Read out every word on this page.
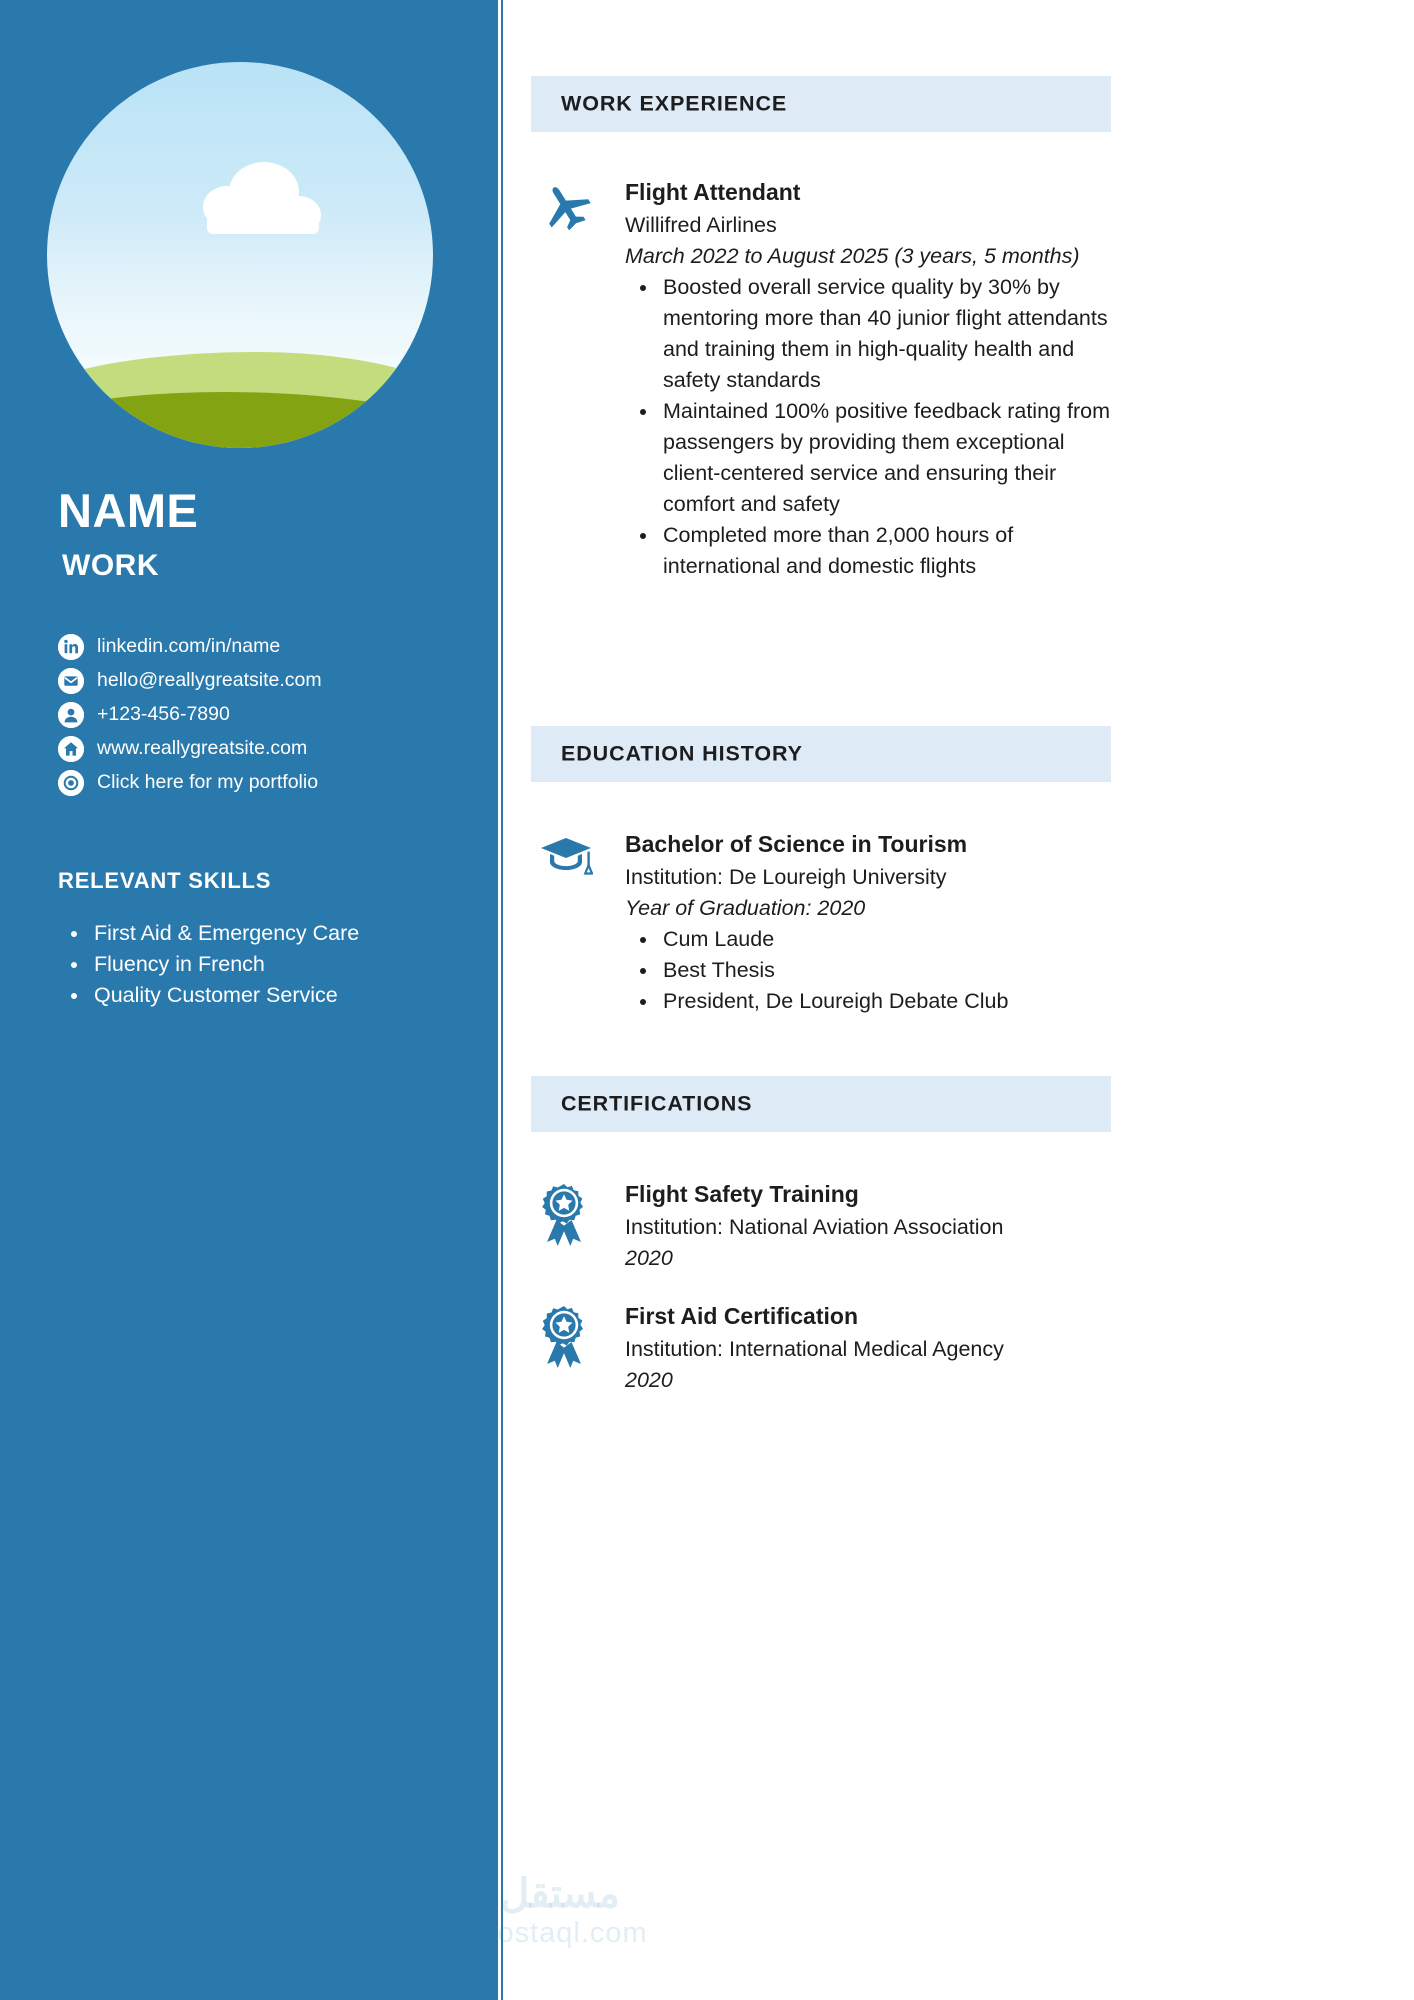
NAME
WORK
linkedin.com/in/name
hello@reallygreatsite.com
+123-456-7890
www.reallygreatsite.com
Click here for my portfolio
RELEVANT SKILLS
• First Aid & Emergency Care
• Fluency in French
• Quality Customer Service
WORK EXPERIENCE
Flight Attendant
Willifred Airlines
March 2022 to August 2025 (3 years, 5 months)
• Boosted overall service quality by 30% by mentoring more than 40 junior flight attendants and training them in high-quality health and safety standards
• Maintained 100% positive feedback rating from passengers by providing them exceptional client-centered service and ensuring their comfort and safety
• Completed more than 2,000 hours of international and domestic flights
EDUCATION HISTORY
Bachelor of Science in Tourism
Institution: De Loureigh University
Year of Graduation: 2020
• Cum Laude
• Best Thesis
• President, De Loureigh Debate Club
CERTIFICATIONS
Flight Safety Training
Institution: National Aviation Association
2020
First Aid Certification
Institution: International Medical Agency
2020
مستقل
mostaql.com
